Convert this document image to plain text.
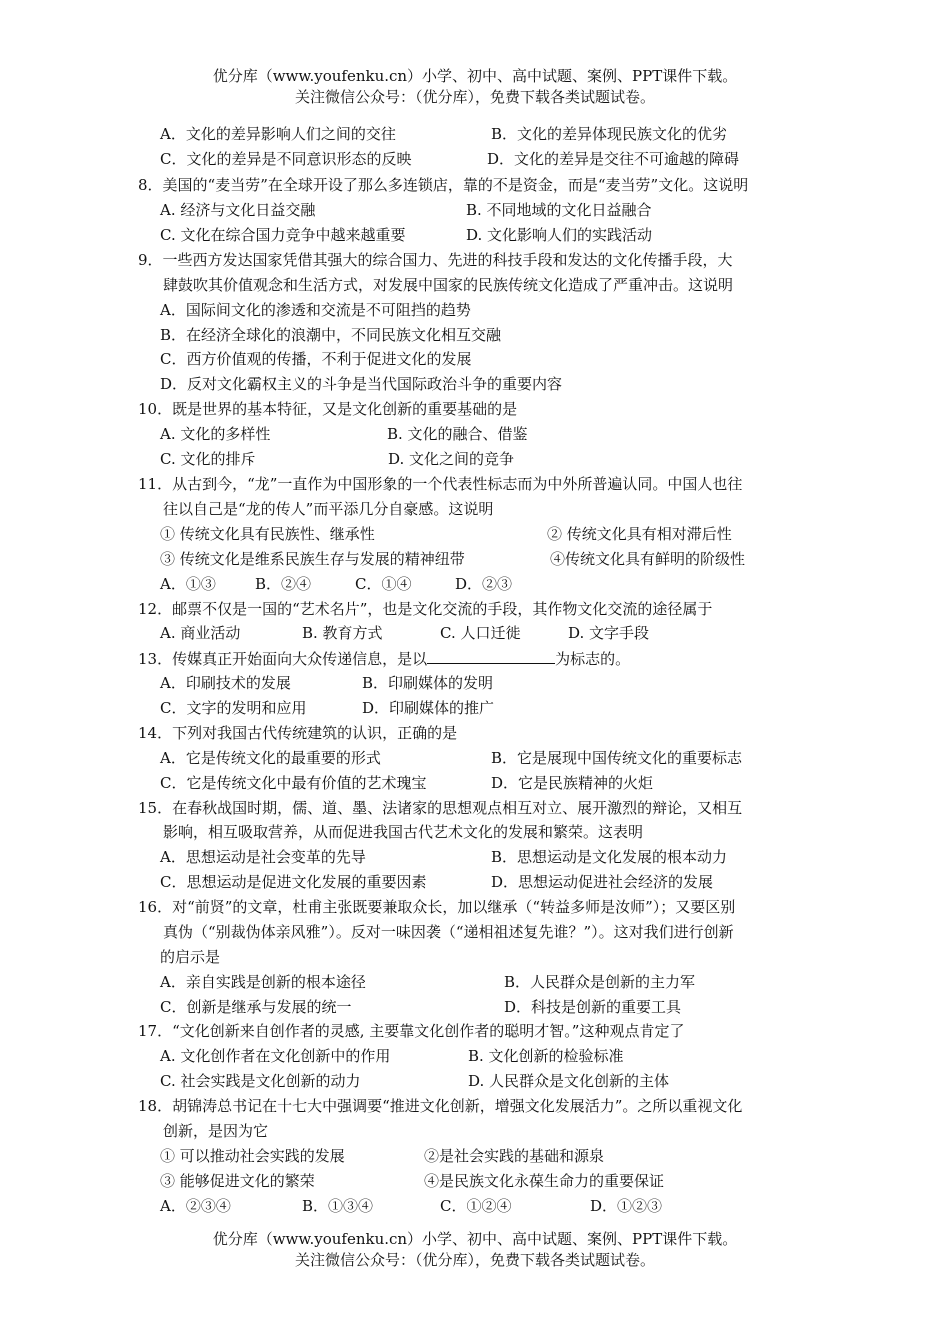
优分库（www.youfenku.cn）小学、初中、高中试题、案例、PPT课件下载。
关注微信公众号：（优分库），免费下载各类试题试卷。
A．文化的差异影响人们之间的交往	B．文化的差异体现民族文化的优劣
C．文化的差异是不同意识形态的反映	D．文化的差异是交往不可逾越的障碍
8．美国的“麦当劳”在全球开设了那么多连锁店，靠的不是资金，而是“麦当劳”文化。这说明
A. 经济与文化日益交融	B. 不同地域的文化日益融合
C. 文化在综合国力竞争中越来越重要	D. 文化影响人们的实践活动
9．一些西方发达国家凭借其强大的综合国力、先进的科技手段和发达的文化传播手段，大
肆鼓吹其价值观念和生活方式，对发展中国家的民族传统文化造成了严重冲击。这说明
A．国际间文化的渗透和交流是不可阻挡的趋势
B．在经济全球化的浪潮中，不同民族文化相互交融
C．西方价值观的传播，不利于促进文化的发展
D．反对文化霸权主义的斗争是当代国际政治斗争的重要内容
10．既是世界的基本特征，又是文化创新的重要基础的是
A. 文化的多样性	B. 文化的融合、借鉴
C. 文化的排斥	D. 文化之间的竞争
11．从古到今，“龙”一直作为中国形象的一个代表性标志而为中外所普遍认同。中国人也往
往以自己是“龙的传人”而平添几分自豪感。这说明
① 传统文化具有民族性、继承性	② 传统文化具有相对滞后性
③ 传统文化是维系民族生存与发展的精神纽带	④传统文化具有鲜明的阶级性
A．①③	B．②④	C．①④	D．②③
12．邮票不仅是一国的“艺术名片”，也是文化交流的手段，其作物文化交流的途径属于
A. 商业活动	B. 教育方式	C. 人口迁徙	D. 文字手段
13．传媒真正开始面向大众传递信息，是以	为标志的。
A．印刷技术的发展	B．印刷媒体的发明
C．文字的发明和应用	D．印刷媒体的推广
14．下列对我国古代传统建筑的认识，正确的是
A．它是传统文化的最重要的形式	B．它是展现中国传统文化的重要标志
C．它是传统文化中最有价值的艺术瑰宝	D．它是民族精神的火炬
15．在春秋战国时期，儒、道、墨、法诸家的思想观点相互对立、展开激烈的辩论，又相互
影响，相互吸取营养，从而促进我国古代艺术文化的发展和繁荣。这表明
A．思想运动是社会变革的先导	B．思想运动是文化发展的根本动力
C．思想运动是促进文化发展的重要因素	D．思想运动促进社会经济的发展
16．对“前贤”的文章，杜甫主张既要兼取众长，加以继承（“转益多师是汝师”）；又要区别
真伪（“别裁伪体亲风雅”）。反对一味因袭（“递相祖述复先谁？”）。这对我们进行创新
的启示是
A．亲自实践是创新的根本途径	B．人民群众是创新的主力军
C．创新是继承与发展的统一	D．科技是创新的重要工具
17．“文化创新来自创作者的灵感, 主要靠文化创作者的聪明才智。”这种观点肯定了
A. 文化创作者在文化创新中的作用	B. 文化创新的检验标准
C. 社会实践是文化创新的动力	D. 人民群众是文化创新的主体
18．胡锦涛总书记在十七大中强调要“推进文化创新，增强文化发展活力”。之所以重视文化
创新，是因为它
① 可以推动社会实践的发展	②是社会实践的基础和源泉
③ 能够促进文化的繁荣	④是民族文化永葆生命力的重要保证
A．②③④	B．①③④	C．①②④	D．①②③
优分库（www.youfenku.cn）小学、初中、高中试题、案例、PPT课件下载。
关注微信公众号：（优分库），免费下载各类试题试卷。
